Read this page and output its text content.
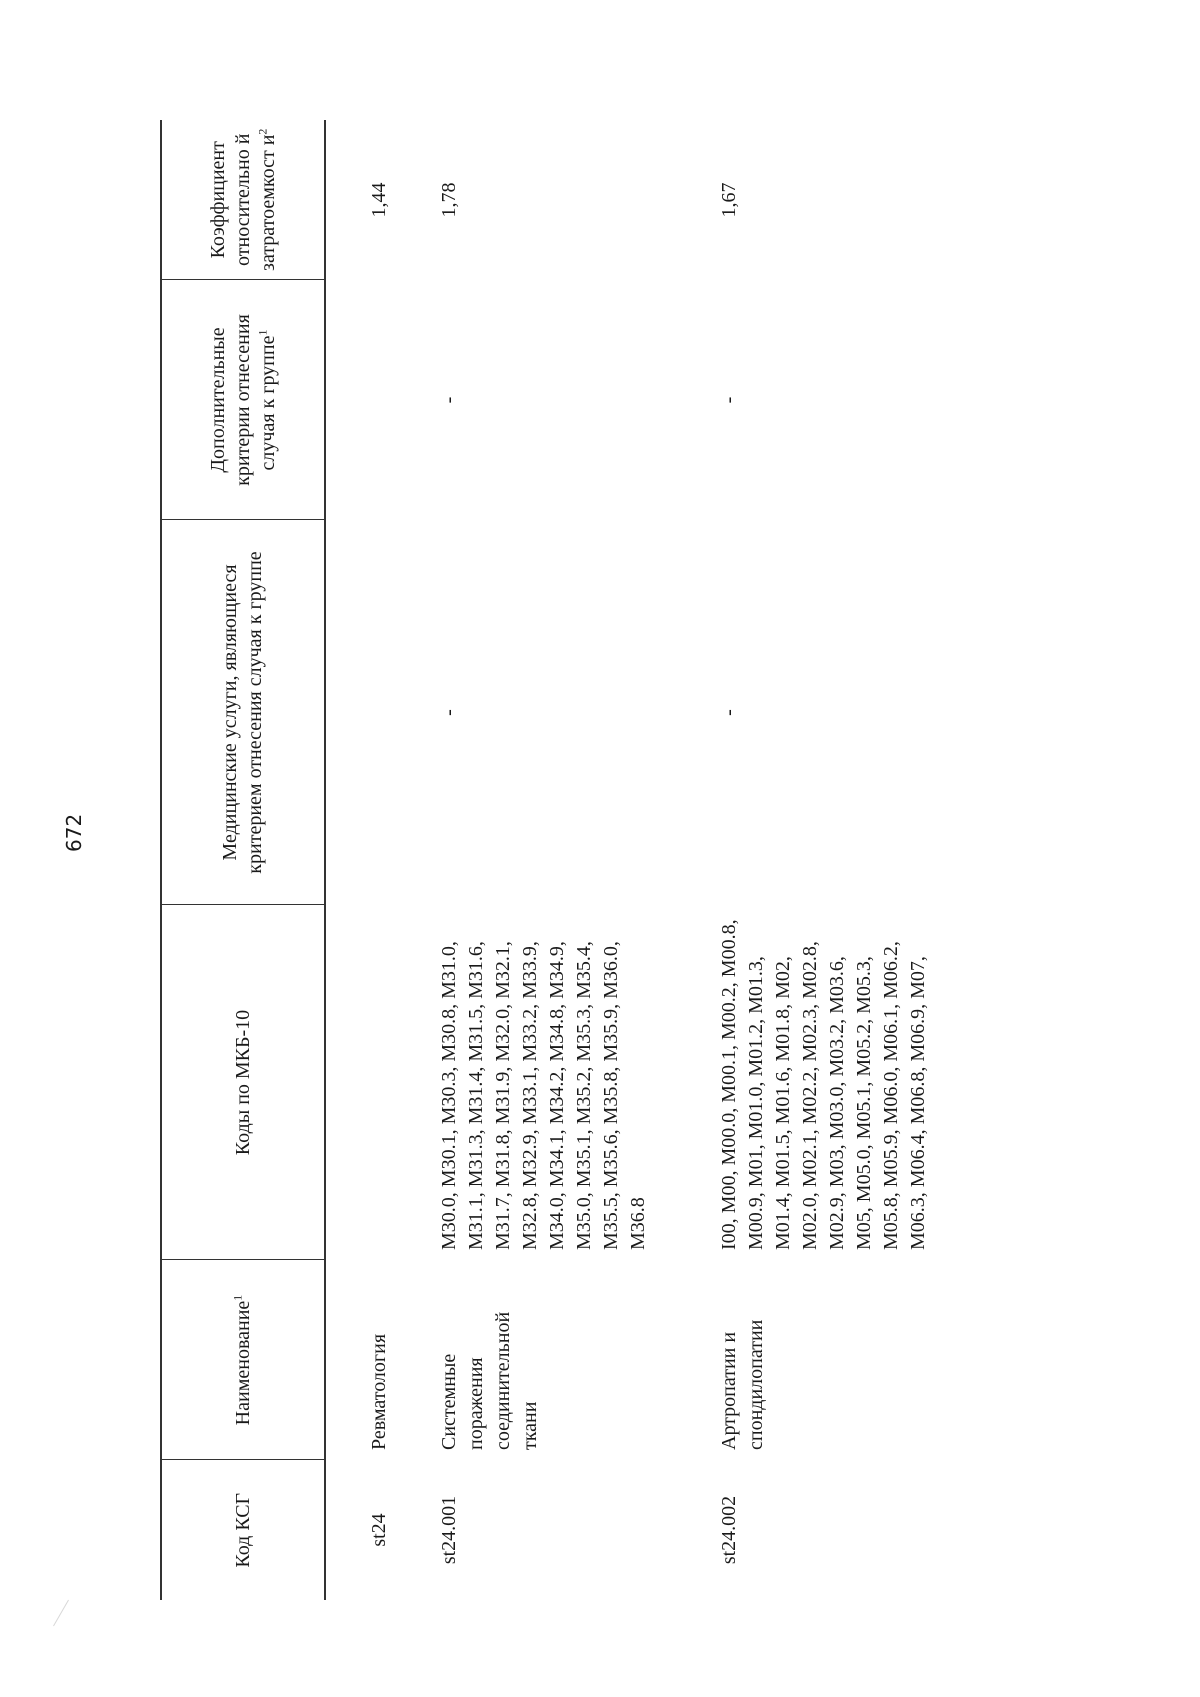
672
Код КСГ	Наименование$^1$	Коды по МКБ-10	Медицинские услуги, являющиеся критерием отнесения случая к группе	Дополнительные критерии отнесения случая к группе$^1$	Коэффициент относительно й затратоемкост $и^2$

st24	Ревматология				1,44
st24.001	Системные поражения соединительной ткани	M30.0, M30.1, M30.3, M30.8, M31.0, M31.1, M31.3, M31.4, M31.5, M31.6, M31.7, M31.8, M31.9, M32.0, M32.1, M32.8, M32.9, M33.1, M33.2, M33.9, M34.0, M34.1, M34.2, M34.8, M34.9, M35.0, M35.1, M35.2, M35.3, M35.4, M35.5, M35.6, M35.8, M35.9, M36.0, M36.8	-	-	1,78
st24.002	Артропатии и спондилопатии	I00, M00, M00.0, M00.1, M00.2, M00.8, M00.9, M01, M01.0, M01.2, M01.3, M01.4, M01.5, M01.6, M01.8, M02, M02.0, M02.1, M02.2, M02.3, M02.8, M02.9, M03, M03.0, M03.2, M03.6, M05, M05.0, M05.1, M05.2, M05.3, M05.8, M05.9, M06.0, M06.1, M06.2, M06.3, M06.4, M06.8, M06.9, M07,	-	-	1,67
